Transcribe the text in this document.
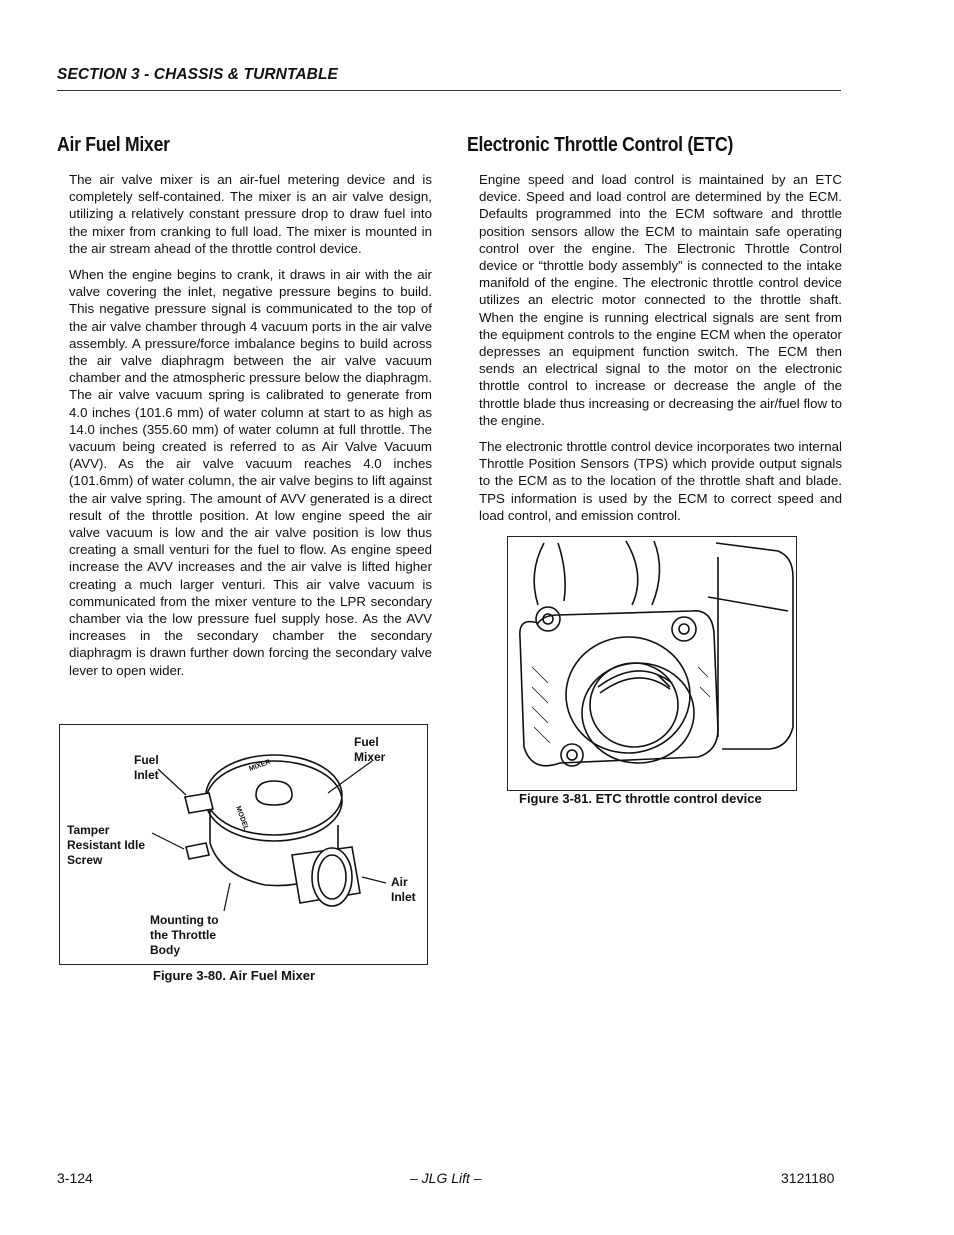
SECTION 3 - CHASSIS & TURNTABLE
Air Fuel Mixer

The air valve mixer is an air-fuel metering device and is completely self-contained. The mixer is an air valve design, utilizing a relatively constant pressure drop to draw fuel into the mixer from cranking to full load. The mixer is mounted in the air stream ahead of the throttle control device.

When the engine begins to crank, it draws in air with the air valve covering the inlet, negative pressure begins to build. This negative pressure signal is communicated to the top of the air valve chamber through 4 vacuum ports in the air valve assembly. A pressure/force imbalance begins to build across the air valve diaphragm between the air valve vacuum chamber and the atmospheric pressure below the diaphragm. The air valve vacuum spring is calibrated to generate from 4.0 inches (101.6 mm) of water column at start to as high as 14.0 inches (355.60 mm) of water column at full throttle. The vacuum being created is referred to as Air Valve Vacuum (AVV). As the air valve vacuum reaches 4.0 inches (101.6mm) of water column, the air valve begins to lift against the air valve spring. The amount of AVV generated is a direct result of the throttle position. At low engine speed the air valve vacuum is low and the air valve position is low thus creating a small venturi for the fuel to flow. As engine speed increase the AVV increases and the air valve is lifted higher creating a much larger venturi. This air valve vacuum is communicated from the mixer venture to the LPR secondary chamber via the low pressure fuel supply hose. As the AVV increases in the secondary chamber the secondary diaphragm is drawn further down forcing the secondary valve lever to open wider.

Electronic Throttle Control (ETC)

Engine speed and load control is maintained by an ETC device. Speed and load control are determined by the ECM. Defaults programmed into the ECM software and throttle position sensors allow the ECM to maintain safe operating control over the engine. The Electronic Throttle Control device or “throttle body assembly” is connected to the intake manifold of the engine. The electronic throttle control device utilizes an electric motor connected to the throttle shaft. When the engine is running electrical signals are sent from the equipment controls to the engine ECM when the operator depresses an equipment function switch. The ECM then sends an electrical signal to the motor on the electronic throttle control to increase or decrease the angle of the throttle blade thus increasing or decreasing the air/fuel flow to the engine.

The electronic throttle control device incorporates two internal Throttle Position Sensors (TPS) which provide output signals to the ECM as to the location of the throttle shaft and blade. TPS information is used by the ECM to correct speed and load control, and emission control.

MIXER
MODEL
Fuel
Inlet
Fuel
Mixer
Tamper
Resistant Idle
Screw
Air
Inlet
Mounting to
the Throttle
Body
Figure 3-80. Air Fuel Mixer
Figure 3-81. ETC throttle control device
3-124	– JLG Lift –	3121180
